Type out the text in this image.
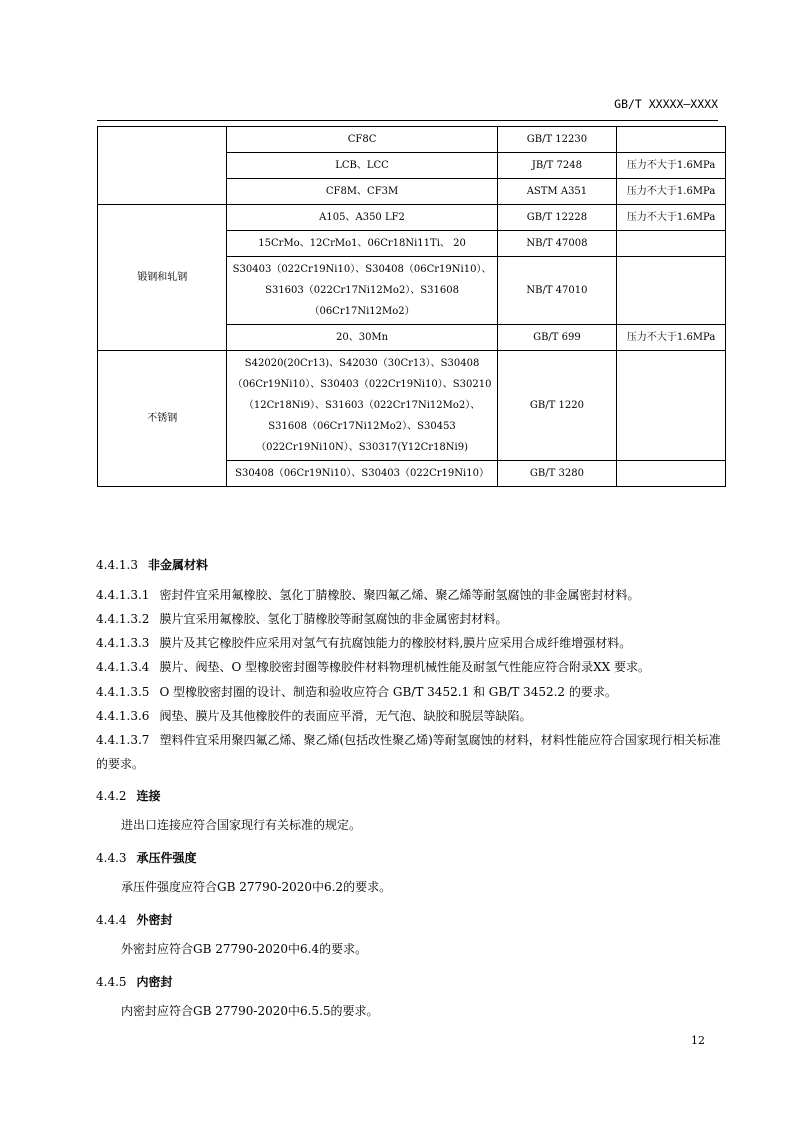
GB/T XXXXX—XXXX
	CF8C	GB/T 12230	
	LCB、LCC	JB/T 7248	压力不大于1.6MPa
	CF8M、CF3M	ASTM A351	压力不大于1.6MPa
锻钢和轧钢	A105、A350 LF2	GB/T 12228	压力不大于1.6MPa
	15CrMo、12CrMo1、06Cr18Ni11Ti、 20	NB/T 47008	
	S30403（022Cr19Ni10）、S30408（06Cr19Ni10）、S31603（022Cr17Ni12Mo2）、S31608（06Cr17Ni12Mo2）	NB/T 47010	
	20、30Mn	GB/T 699	压力不大于1.6MPa
不锈钢	S42020(20Cr13)、S42030（30Cr13）、S30408（06Cr19Ni10）、S30403（022Cr19Ni10）、S30210（12Cr18Ni9）、S31603（022Cr17Ni12Mo2）、S31608（06Cr17Ni12Mo2）、S30453（022Cr19Ni10N）、S30317(Y12Cr18Ni9)	GB/T 1220	
	S30408（06Cr19Ni10）、S30403（022Cr19Ni10）	GB/T 3280	
4.4.1.3 非金属材料
4.4.1.3.1 密封件宜采用氟橡胶、氢化丁腈橡胶、聚四氟乙烯、聚乙烯等耐氢腐蚀的非金属密封材料。
4.4.1.3.2 膜片宜采用氟橡胶、氢化丁腈橡胶等耐氢腐蚀的非金属密封材料。
4.4.1.3.3 膜片及其它橡胶件应采用对氢气有抗腐蚀能力的橡胶材料,膜片应采用合成纤维增强材料。
4.4.1.3.4 膜片、阀垫、O 型橡胶密封圈等橡胶件材料物理机械性能及耐氢气性能应符合附录XX 要求。
4.4.1.3.5 O 型橡胶密封圈的设计、制造和验收应符合 GB/T 3452.1 和 GB/T 3452.2 的要求。
4.4.1.3.6 阀垫、膜片及其他橡胶件的表面应平滑，无气泡、缺胶和脱层等缺陷。
4.4.1.3.7 塑料件宜采用聚四氟乙烯、聚乙烯(包括改性聚乙烯)等耐氢腐蚀的材料，材料性能应符合国家现行相关标准的要求。
4.4.2 连接
进出口连接应符合国家现行有关标准的规定。
4.4.3 承压件强度
承压件强度应符合GB 27790-2020中6.2的要求。
4.4.4 外密封
外密封应符合GB 27790-2020中6.4的要求。
4.4.5 内密封
内密封应符合GB 27790-2020中6.5.5的要求。
12
